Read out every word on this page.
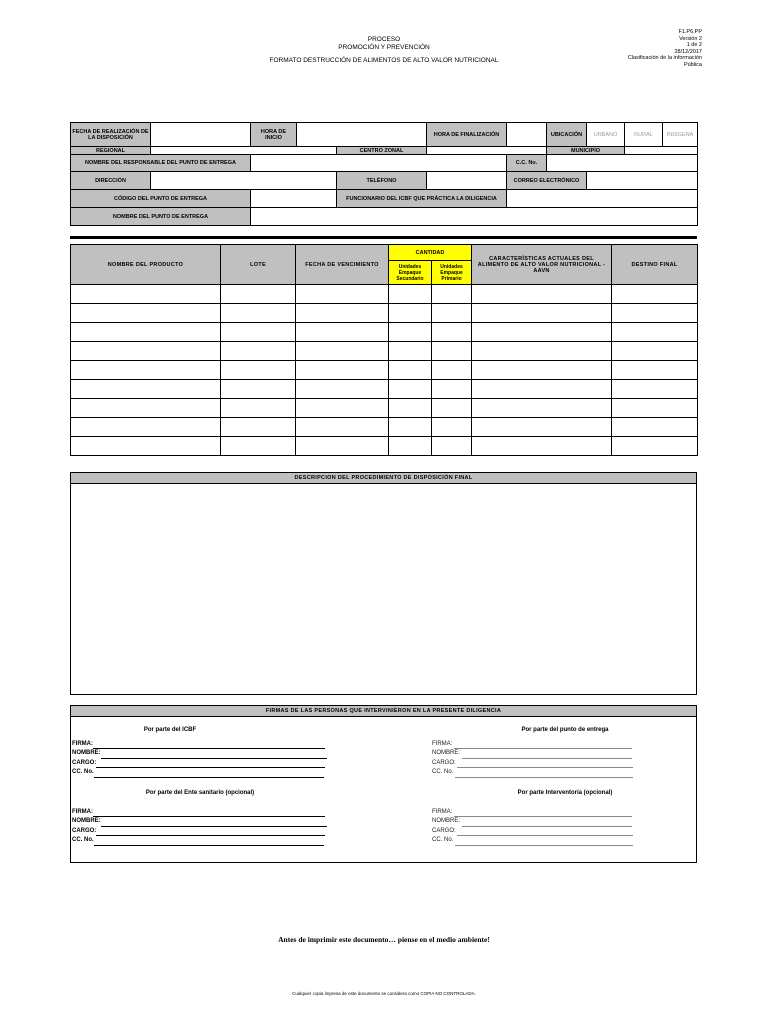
PROCESO
PROMOCIÓN Y PREVENCIÓN
FORMATO DESTRUCCIÓN DE ALIMENTOS DE ALTO VALOR NUTRICIONAL
F1.P6.PP
Versión 2
1 de 2
28/12/2017
Clasificación de la información
Pública
FECHA DE REALIZACIÓN DE LA DISPOSICIÓN		HORA DE INICIO			HORA DE FINALIZACIÓN		UBICACIÓN	URBANO	RURAL	INDÍGENA
REGIONAL				CENTRO ZONAL			MUNICIPIO			
NOMBRE DEL RESPONSABLE DEL PUNTO DE ENTREGA						C.C. No.				
DIRECCIÓN				TELÉFONO		CORREO ELECTRÓNICO				
CÓDIGO DEL PUNTO DE ENTREGA				FUNCIONARIO DEL ICBF QUE PRÁCTICA LA DILIGENCIA						
NOMBRE DEL PUNTO DE ENTREGA										
NOMBRE DEL PRODUCTO	LOTE	FECHA DE VENCIMIENTO	CANTIDAD		CARACTERÍSTICAS ACTUALES DEL ALIMENTO DE ALTO VALOR NUTRICIONAL - AAVN	DESTINO FINAL
			Unidades Empaque Secundario	Unidades Empaque Primario		

DESCRIPCION DEL PROCEDIMIENTO DE DISPOSICIÓN FINAL
FIRMAS DE LAS PERSONAS QUE INTERVINIERON EN LA PRESENTE DILIGENCIA
Por parte del ICBF	Por parte del punto de entrega
Por parte del Ente sanitario (opcional)	Por parte Interventoría (opcional)
FIRMA:
NOMBRE:
CARGO:
CC. No.
FIRMA:
NOMBRE:
CARGO:
CC. No.
FIRMA:
NOMBRE:
CARGO:
CC. No.
FIRMA:
NOMBRE:
CARGO:
CC. No.
Antes de imprimir este documento… piense en el medio ambiente!
Cualquier copia impresa de este documento se considera como COPIA NO CONTROLADA.
